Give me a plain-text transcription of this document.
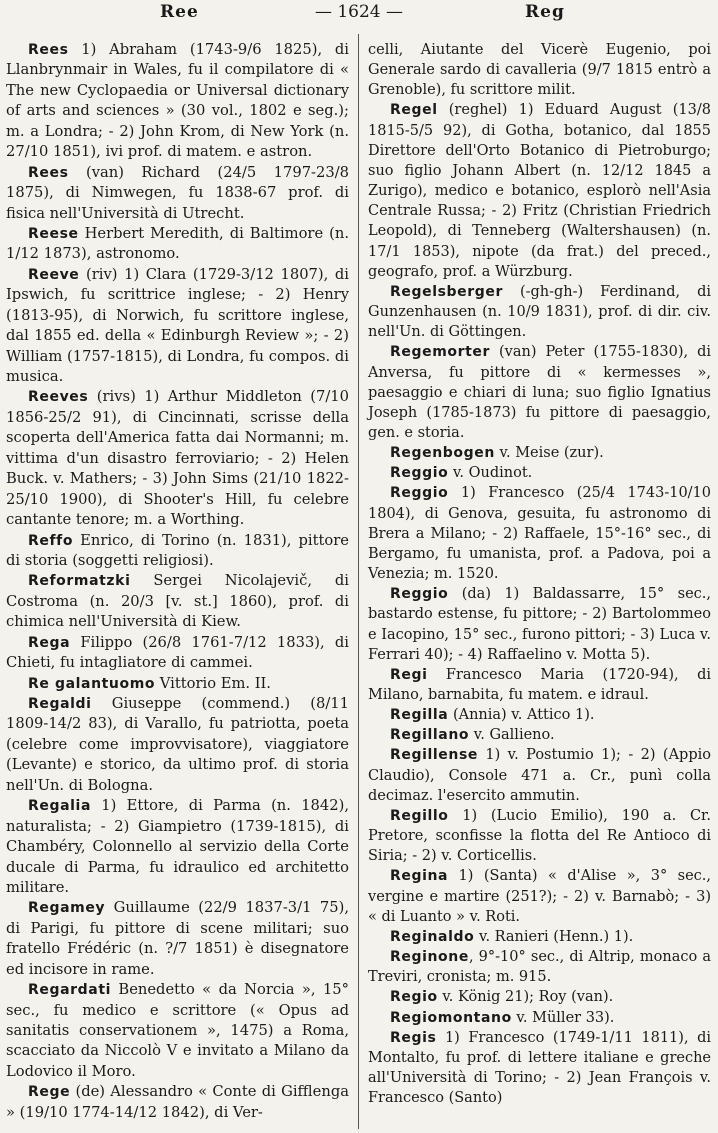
Ree	— 1624 —	Reg

Rees 1) Abraham (1743-9/6 1825), di Llanbrynmair in Wales, fu il compilatore di « The new Cyclopaedia or Universal dictionary of arts and sciences » (30 vol., 1802 e seg.); m. a Londra; - 2) John Krom, di New York (n. 27/10 1851), ivi prof. di matem. e astron.

Rees (van) Richard (24/5 1797-23/8 1875), di Nimwegen, fu 1838-67 prof. di fisica nell'Università di Utrecht.

Reese Herbert Meredith, di Baltimore (n. 1/12 1873), astronomo.

Reeve (riv) 1) Clara (1729-3/12 1807), di Ipswich, fu scrittrice inglese; - 2) Henry (1813-95), di Norwich, fu scrittore inglese, dal 1855 ed. della « Edinburgh Review »; - 2) William (1757-1815), di Londra, fu compos. di musica.

Reeves (rivs) 1) Arthur Middleton (7/10 1856-25/2 91), di Cincinnati, scrisse della scoperta dell'America fatta dai Normanni; m. vittima d'un disastro ferroviario; - 2) Helen Buck. v. Mathers; - 3) John Sims (21/10 1822-25/10 1900), di Shooter's Hill, fu celebre cantante tenore; m. a Worthing.

Reffo Enrico, di Torino (n. 1831), pittore di storia (soggetti religiosi).

Reformatzki Sergei Nicolajevič, di Costroma (n. 20/3 [v. st.] 1860), prof. di chimica nell'Università di Kiew.

Rega Filippo (26/8 1761-7/12 1833), di Chieti, fu intagliatore di cammei.

Re galantuomo Vittorio Em. II.

Regaldi Giuseppe (commend.) (8/11 1809-14/2 83), di Varallo, fu patriotta, poeta (celebre come improvvisatore), viaggiatore (Levante) e storico, da ultimo prof. di storia nell'Un. di Bologna.

Regalia 1) Ettore, di Parma (n. 1842), naturalista; - 2) Giampietro (1739-1815), di Chambéry, Colonnello al servizio della Corte ducale di Parma, fu idraulico ed architetto militare.

Regamey Guillaume (22/9 1837-3/1 75), di Parigi, fu pittore di scene militari; suo fratello Frédéric (n. ?/7 1851) è disegnatore ed incisore in rame.

Regardati Benedetto « da Norcia », 15° sec., fu medico e scrittore (« Opus ad sanitatis conservationem », 1475) a Roma, scacciato da Niccolò V e invitato a Milano da Lodovico il Moro.

Rege (de) Alessandro « Conte di Gifflenga » (19/10 1774-14/12 1842), di Ver-

celli, Aiutante del Vicerè Eugenio, poi Generale sardo di cavalleria (9/7 1815 entrò a Grenoble), fu scrittore milit.

Regel (reghel) 1) Eduard August (13/8 1815-5/5 92), di Gotha, botanico, dal 1855 Direttore dell'Orto Botanico di Pietroburgo; suo figlio Johann Albert (n. 12/12 1845 a Zurigo), medico e botanico, esplorò nell'Asia Centrale Russa; - 2) Fritz (Christian Friedrich Leopold), di Tenneberg (Waltershausen) (n. 17/1 1853), nipote (da frat.) del preced., geografo, prof. a Würzburg.

Regelsberger (-gh-gh-) Ferdinand, di Gunzenhausen (n. 10/9 1831), prof. di dir. civ. nell'Un. di Göttingen.

Regemorter (van) Peter (1755-1830), di Anversa, fu pittore di « kermesses », paesaggio e chiari di luna; suo figlio Ignatius Joseph (1785-1873) fu pittore di paesaggio, gen. e storia.

Regenbogen v. Meise (zur).

Reggio v. Oudinot.

Reggio 1) Francesco (25/4 1743-10/10 1804), di Genova, gesuita, fu astronomo di Brera a Milano; - 2) Raffaele, 15°-16° sec., di Bergamo, fu umanista, prof. a Padova, poi a Venezia; m. 1520.

Reggio (da) 1) Baldassarre, 15° sec., bastardo estense, fu pittore; - 2) Bartolommeo e Iacopino, 15° sec., furono pittori; - 3) Luca v. Ferrari 40); - 4) Raffaelino v. Motta 5).

Regi Francesco Maria (1720-94), di Milano, barnabita, fu matem. e idraul.

Regilla (Annia) v. Attico 1).

Regillano v. Gallieno.

Regillense 1) v. Postumio 1); - 2) (Appio Claudio), Console 471 a. Cr., punì colla decimaz. l'esercito ammutin.

Regillo 1) (Lucio Emilio), 190 a. Cr. Pretore, sconfisse la flotta del Re Antioco di Siria; - 2) v. Corticellis.

Regina 1) (Santa) « d'Alise », 3° sec., vergine e martire (251?); - 2) v. Barnabò; - 3) « di Luanto » v. Roti.

Reginaldo v. Ranieri (Henn.) 1).

Reginone, 9°-10° sec., di Altrip, monaco a Treviri, cronista; m. 915.

Regio v. König 21); Roy (van).

Regiomontano v. Müller 33).

Regis 1) Francesco (1749-1/11 1811), di Montalto, fu prof. di lettere italiane e greche all'Università di Torino; - 2) Jean François v. Francesco (Santo)
